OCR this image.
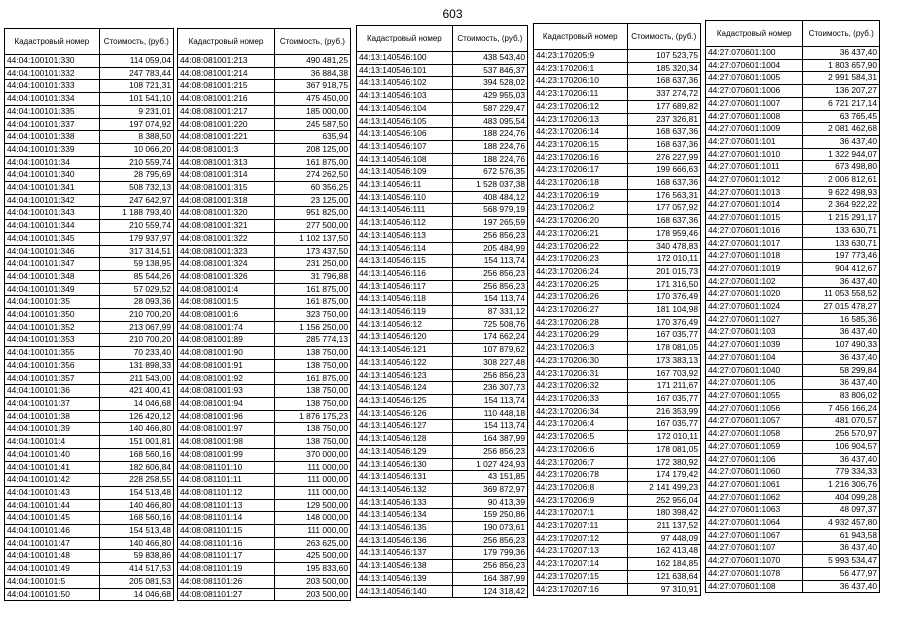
603
Кадастровый номер	Стоимость, (руб.)
44:04:100101:330	114 059,04
44:04:100101:332	247 783,44
44:04:100101:333	108 721,31
44:04:100101:334	101 541,10
44:04:100101:335	9 231,01
44:04:100101:337	197 074,92
44:04:100101:338	8 388,50
44:04:100101:339	10 066,20
44:04:100101:34	210 559,74
44:04:100101:340	28 795,69
44:04:100101:341	508 732,13
44:04:100101:342	247 642,97
44:04:100101:343	1 188 793,40
44:04:100101:344	210 559,74
44:04:100101:345	179 937,97
44:04:100101:346	317 314,51
44:04:100101:347	59 138,95
44:04:100101:348	85 544,26
44:04:100101:349	57 029,52
44:04:100101:35	28 093,36
44:04:100101:350	210 700,20
44:04:100101:352	213 067,99
44:04:100101:353	210 700,20
44:04:100101:355	70 233,40
44:04:100101:356	131 898,33
44:04:100101:357	211 543,00
44:04:100101:36	421 400,41
44:04:100101:37	14 046,68
44:04:100101:38	126 420,12
44:04:100101:39	140 466,80
44:04:100101:4	151 001,81
44:04:100101:40	168 560,16
44:04:100101:41	182 606,84
44:04:100101:42	228 258,55
44:04:100101:43	154 513,48
44:04:100101:44	140 466,80
44:04:100101:45	168 560,16
44:04:100101:46	154 513,48
44:04:100101:47	140 466,80
44:04:100101:48	59 838,86
44:04:100101:49	414 517,53
44:04:100101:5	205 081,53
44:04:100101:50	14 046,68
Кадастровый номер	Стоимость, (руб.)
44:08:081001:213	490 481,25
44:08:081001:214	36 884,38
44:08:081001:215	367 918,75
44:08:081001:216	475 450,00
44:08:081001:217	185 000,00
44:08:081001:220	245 587,50
44:08:081001:221	635,94
44:08:081001:3	208 125,00
44:08:081001:313	161 875,00
44:08:081001:314	274 262,50
44:08:081001:315	60 356,25
44:08:081001:318	23 125,00
44:08:081001:320	951 825,00
44:08:081001:321	277 500,00
44:08:081001:322	1 102 137,50
44:08:081001:323	173 437,50
44:08:081001:324	231 250,00
44:08:081001:326	31 796,88
44:08:081001:4	161 875,00
44:08:081001:5	161 875,00
44:08:081001:6	323 750,00
44:08:081001:74	1 156 250,00
44:08:081001:89	285 774,13
44:08:081001:90	138 750,00
44:08:081001:91	138 750,00
44:08:081001:92	161 875,00
44:08:081001:93	138 750,00
44:08:081001:94	138 750,00
44:08:081001:96	1 876 175,23
44:08:081001:97	138 750,00
44:08:081001:98	138 750,00
44:08:081001:99	370 000,00
44:08:081101:10	111 000,00
44:08:081101:11	111 000,00
44:08:081101:12	111 000,00
44:08:081101:13	129 500,00
44:08:081101:14	148 000,00
44:08:081101:15	111 000,00
44:08:081101:16	263 625,00
44:08:081101:17	425 500,00
44:08:081101:19	195 833,60
44:08:081101:26	203 500,00
44:08:081101:27	203 500,00
Кадастровый номер	Стоимость, (руб.)
44:13:140546:100	438 543,40
44:13:140546:101	537 846,37
44:13:140546:102	394 528,02
44:13:140546:103	429 955,03
44:13:140546:104	587 229,47
44:13:140546:105	483 095,54
44:13:140546:106	188 224,76
44:13:140546:107	188 224,76
44:13:140546:108	188 224,76
44:13:140546:109	672 576,35
44:13:140546:11	1 528 037,38
44:13:140546:110	408 484,12
44:13:140546:111	568 979,19
44:13:140546:112	197 265,59
44:13:140546:113	256 856,23
44:13:140546:114	205 484,99
44:13:140546:115	154 113,74
44:13:140546:116	256 856,23
44:13:140546:117	256 856,23
44:13:140546:118	154 113,74
44:13:140546:119	87 331,12
44:13:140546:12	725 508,76
44:13:140546:120	174 662,24
44:13:140546:121	107 879,62
44:13:140546:122	308 227,48
44:13:140546:123	256 856,23
44:13:140546:124	236 307,73
44:13:140546:125	154 113,74
44:13:140546:126	110 448,18
44:13:140546:127	154 113,74
44:13:140546:128	164 387,99
44:13:140546:129	256 856,23
44:13:140546:130	1 027 424,93
44:13:140546:131	43 151,85
44:13:140546:132	369 872,97
44:13:140546:133	90 413,39
44:13:140546:134	159 250,86
44:13:140546:135	190 073,61
44:13:140546:136	256 856,23
44:13:140546:137	179 799,36
44:13:140546:138	256 856,23
44:13:140546:139	164 387,99
44:13:140546:140	124 318,42
Кадастровый номер	Стоимость, (руб.)
44:23:170205:9	107 523,75
44:23:170206:1	185 320,34
44:23:170206:10	168 637,36
44:23:170206:11	337 274,72
44:23:170206:12	177 689,82
44:23:170206:13	237 326,81
44:23:170206:14	168 637,36
44:23:170206:15	168 637,36
44:23:170206:16	276 227,99
44:23:170206:17	199 666,63
44:23:170206:18	168 637,36
44:23:170206:19	176 563,31
44:23:170206:2	177 057,92
44:23:170206:20	168 637,36
44:23:170206:21	178 959,46
44:23:170206:22	340 478,83
44:23:170206:23	172 010,11
44:23:170206:24	201 015,73
44:23:170206:25	171 316,50
44:23:170206:26	170 376,49
44:23:170206:27	181 104,98
44:23:170206:28	170 376,49
44:23:170206:29	167 035,77
44:23:170206:3	178 081,05
44:23:170206:30	173 383,13
44:23:170206:31	167 703,92
44:23:170206:32	171 211,67
44:23:170206:33	167 035,77
44:23:170206:34	216 353,99
44:23:170206:4	167 035,77
44:23:170206:5	172 010,11
44:23:170206:6	178 081,05
44:23:170206:7	172 380,92
44:23:170206:78	174 179,42
44:23:170206:8	2 141 499,23
44:23:170206:9	252 956,04
44:23:170207:1	180 398,42
44:23:170207:11	211 137,52
44:23:170207:12	97 448,09
44:23:170207:13	162 413,48
44:23:170207:14	162 184,85
44:23:170207:15	121 638,64
44:23:170207:16	97 310,91
Кадастровый номер	Стоимость, (руб.)
44:27:070601:100	36 437,40
44:27:070601:1004	1 803 657,90
44:27:070601:1005	2 991 584,31
44:27:070601:1006	136 207,27
44:27:070601:1007	6 721 217,14
44:27:070601:1008	63 765,45
44:27:070601:1009	2 081 462,68
44:27:070601:101	36 437,40
44:27:070601:1010	1 322 944,07
44:27:070601:1011	673 498,80
44:27:070601:1012	2 006 812,61
44:27:070601:1013	9 622 498,93
44:27:070601:1014	2 364 922,22
44:27:070601:1015	1 215 291,17
44:27:070601:1016	133 630,71
44:27:070601:1017	133 630,71
44:27:070601:1018	197 773,46
44:27:070601:1019	904 412,67
44:27:070601:102	36 437,40
44:27:070601:1020	11 053 558,52
44:27:070601:1024	27 015 478,27
44:27:070601:1027	16 585,36
44:27:070601:103	36 437,40
44:27:070601:1039	107 490,33
44:27:070601:104	36 437,40
44:27:070601:1040	58 299,84
44:27:070601:105	36 437,40
44:27:070601:1055	83 806,02
44:27:070601:1056	7 456 166,24
44:27:070601:1057	481 070,57
44:27:070601:1058	256 570,97
44:27:070601:1059	106 904,57
44:27:070601:106	36 437,40
44:27:070601:1060	779 334,33
44:27:070601:1061	1 216 306,76
44:27:070601:1062	404 099,28
44:27:070601:1063	48 097,37
44:27:070601:1064	4 932 457,80
44:27:070601:1067	61 943,58
44:27:070601:107	36 437,40
44:27:070601:1070	5 993 534,47
44:27:070601:1078	56 477,97
44:27:070601:108	36 437,40
